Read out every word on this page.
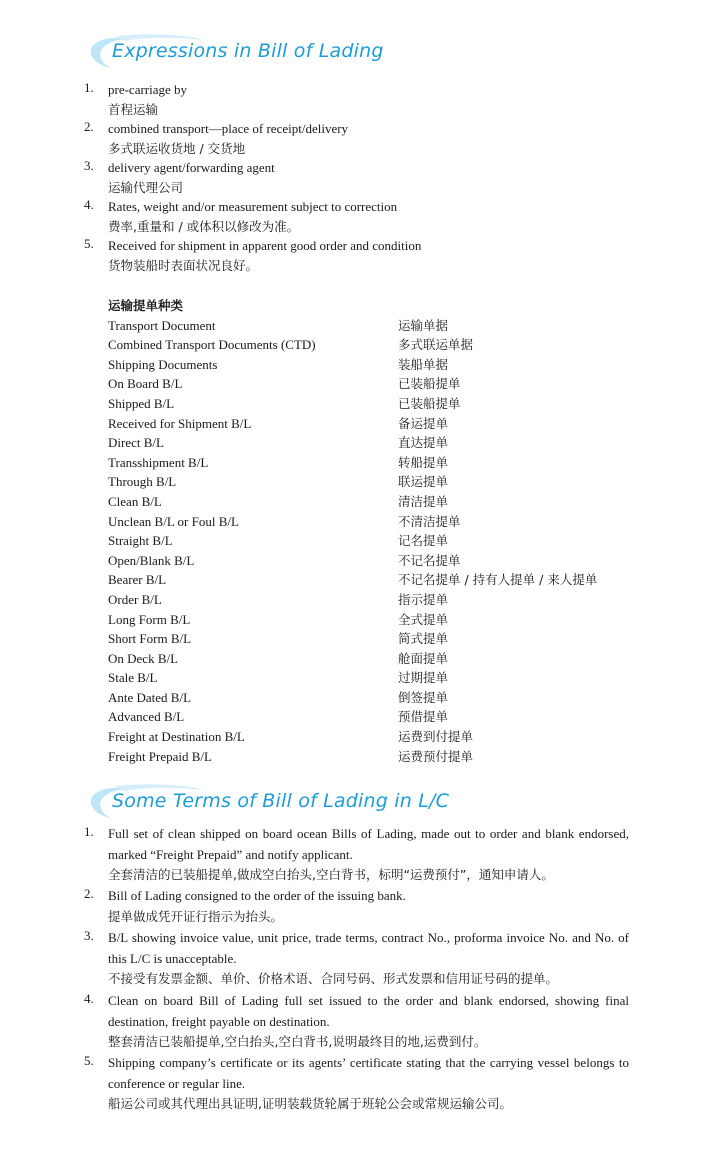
Expressions in Bill of Lading
1. pre-carriage by
首程运输
2. combined transport—place of receipt/delivery
多式联运收货地 / 交货地
3. delivery agent/forwarding agent
运输代理公司
4. Rates, weight and/or measurement subject to correction
费率,重量和 / 或体积以修改为准。
5. Received for shipment in apparent good order and condition
货物装船时表面状况良好。
运输提单种类
Transport Document	运输单据
Combined Transport Documents (CTD)	多式联运单据
Shipping Documents	装船单据
On Board B/L	已装船提单
Shipped B/L	已装船提单
Received for Shipment B/L	备运提单
Direct B/L	直达提单
Transshipment B/L	转船提单
Through B/L	联运提单
Clean B/L	清洁提单
Unclean B/L or Foul B/L	不清洁提单
Straight B/L	记名提单
Open/Blank B/L	不记名提单
Bearer B/L	不记名提单 / 持有人提单 / 来人提单
Order B/L	指示提单
Long Form B/L	全式提单
Short Form B/L	简式提单
On Deck B/L	舱面提单
Stale B/L	过期提单
Ante Dated B/L	倒签提单
Advanced B/L	预借提单
Freight at Destination B/L	运费到付提单
Freight Prepaid B/L	运费预付提单
Some Terms of Bill of Lading in L/C
1. Full set of clean shipped on board ocean Bills of Lading, made out to order and blank endorsed, marked “Freight Prepaid” and notify applicant.
全套清洁的已装船提单,做成空白抬头,空白背书，标明“运费预付”，通知申请人。
2. Bill of Lading consigned to the order of the issuing bank.
提单做成凭开证行指示为抬头。
3. B/L showing invoice value, unit price, trade terms, contract No., proforma invoice No. and No. of this L/C is unacceptable.
不接受有发票金额、单价、价格术语、合同号码、形式发票和信用证号码的提单。
4. Clean on board Bill of Lading full set issued to the order and blank endorsed, showing final destination, freight payable on destination.
整套清洁已装船提单,空白抬头,空白背书,说明最终目的地,运费到付。
5. Shipping company’s certificate or its agents’ certificate stating that the carrying vessel belongs to conference or regular line.
船运公司或其代理出具证明,证明装载货轮属于班轮公会或常规运输公司。
